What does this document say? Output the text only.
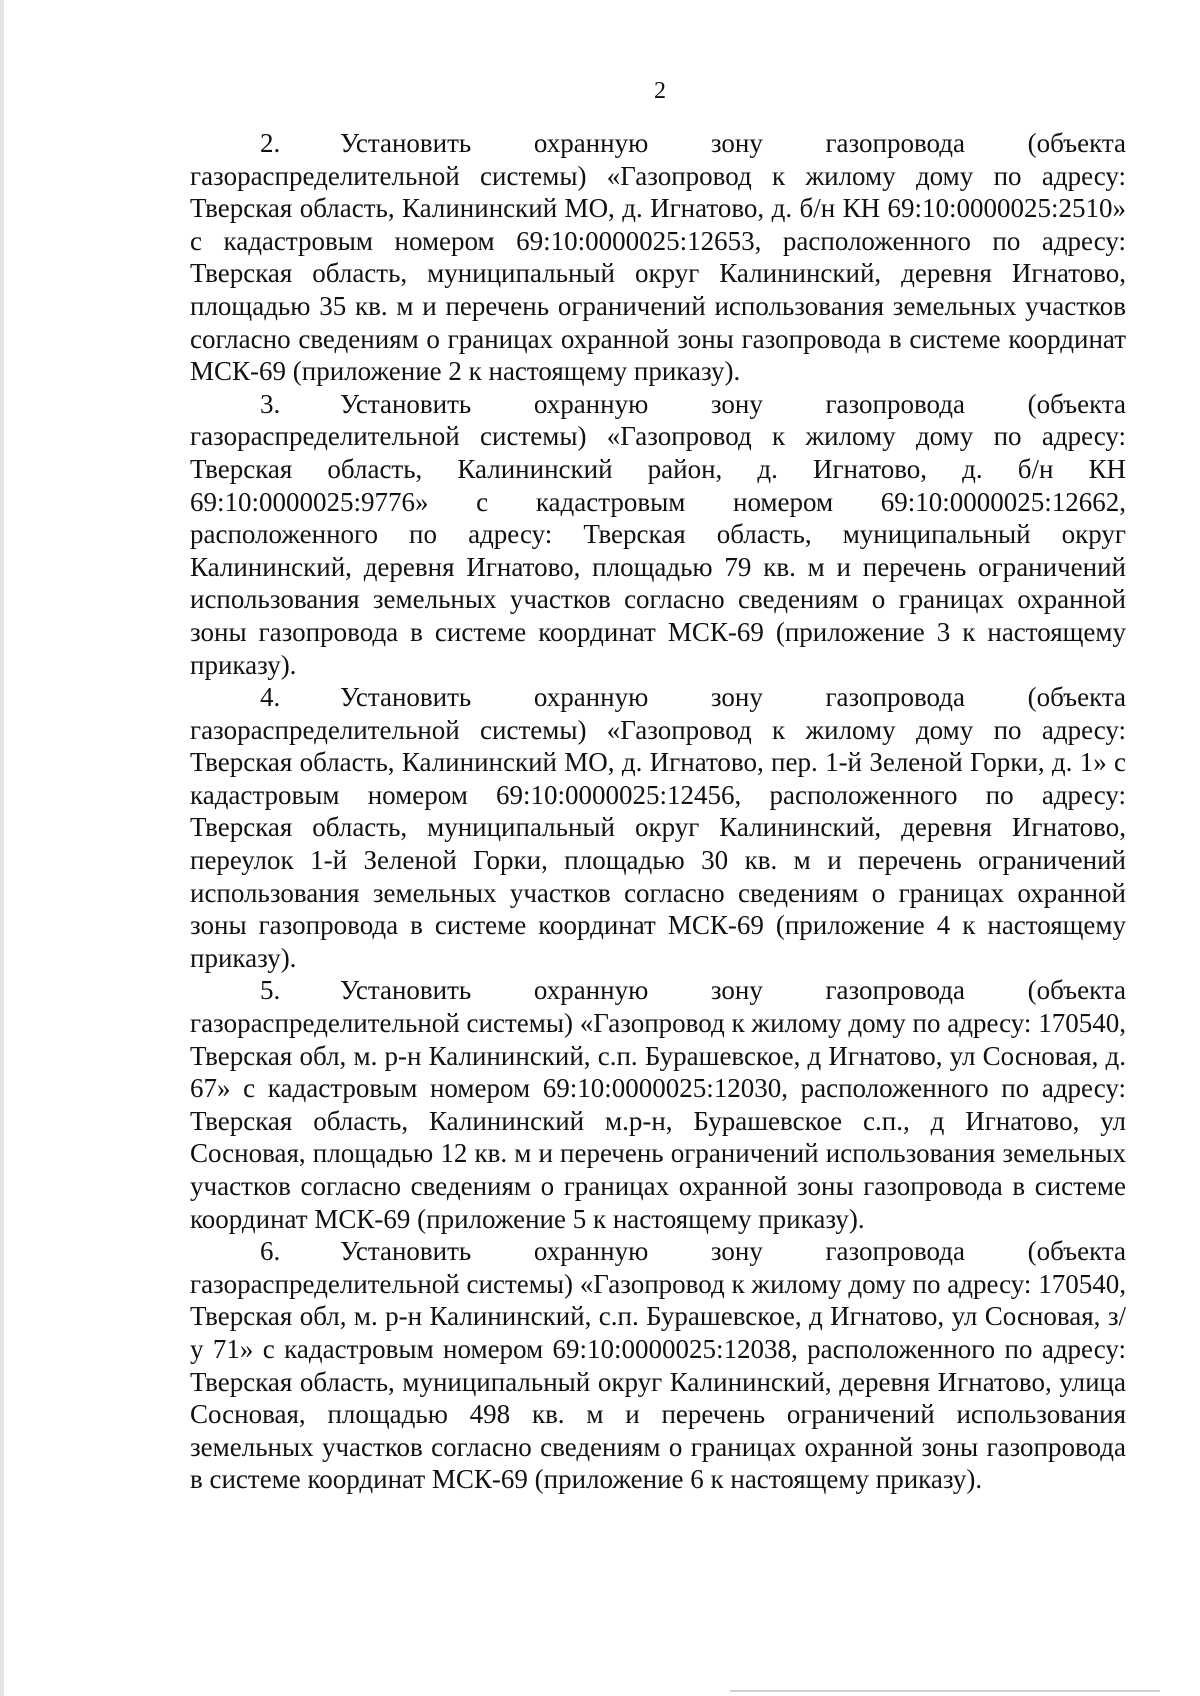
2

2. Установить охранную зону газопровода (объекта газораспределительной системы) «Газопровод к жилому дому по адресу: Тверская область, Калининский МО, д. Игнатово, д. б/н КН 69:10:0000025:2510» с кадастровым номером 69:10:0000025:12653, расположенного по адресу: Тверская область, муниципальный округ Калининский, деревня Игнатово, площадью 35 кв. м и перечень ограничений использования земельных участков согласно сведениям о границах охранной зоны газопровода в системе координат МСК-69 (приложение 2 к настоящему приказу).

3. Установить охранную зону газопровода (объекта газораспределительной системы) «Газопровод к жилому дому по адресу: Тверская область, Калининский район, д. Игнатово, д. б/н КН 69:10:0000025:9776» с кадастровым номером 69:10:0000025:12662, расположенного по адресу: Тверская область, муниципальный округ Калининский, деревня Игнатово, площадью 79 кв. м и перечень ограничений использования земельных участков согласно сведениям о границах охранной зоны газопровода в системе координат МСК-69 (приложение 3 к настоящему приказу).

4. Установить охранную зону газопровода (объекта газораспределительной системы) «Газопровод к жилому дому по адресу: Тверская область, Калининский МО, д. Игнатово, пер. 1-й Зеленой Горки, д. 1» с кадастровым номером 69:10:0000025:12456, расположенного по адресу: Тверская область, муниципальный округ Калининский, деревня Игнатово, переулок 1-й Зеленой Горки, площадью 30 кв. м и перечень ограничений использования земельных участков согласно сведениям о границах охранной зоны газопровода в системе координат МСК-69 (приложение 4 к настоящему приказу).

5. Установить охранную зону газопровода (объекта газораспределительной системы) «Газопровод к жилому дому по адресу: 170540, Тверская обл, м. р-н Калининский, с.п. Бурашевское, д Игнатово, ул Сосновая, д. 67» с кадастровым номером 69:10:0000025:12030, расположенного по адресу: Тверская область, Калининский м.р-н, Бурашевское с.п., д Игнатово, ул Сосновая, площадью 12 кв. м и перечень ограничений использования земельных участков согласно сведениям о границах охранной зоны газопровода в системе координат МСК-69 (приложение 5 к настоящему приказу).

6. Установить охранную зону газопровода (объекта газораспределительной системы) «Газопровод к жилому дому по адресу: 170540, Тверская обл, м. р-н Калининский, с.п. Бурашевское, д Игнатово, ул Сосновая, з/у 71» с кадастровым номером 69:10:0000025:12038, расположенного по адресу: Тверская область, муниципальный округ Калининский, деревня Игнатово, улица Сосновая, площадью 498 кв. м и перечень ограничений использования земельных участков согласно сведениям о границах охранной зоны газопровода в системе координат МСК-69 (приложение 6 к настоящему приказу).
